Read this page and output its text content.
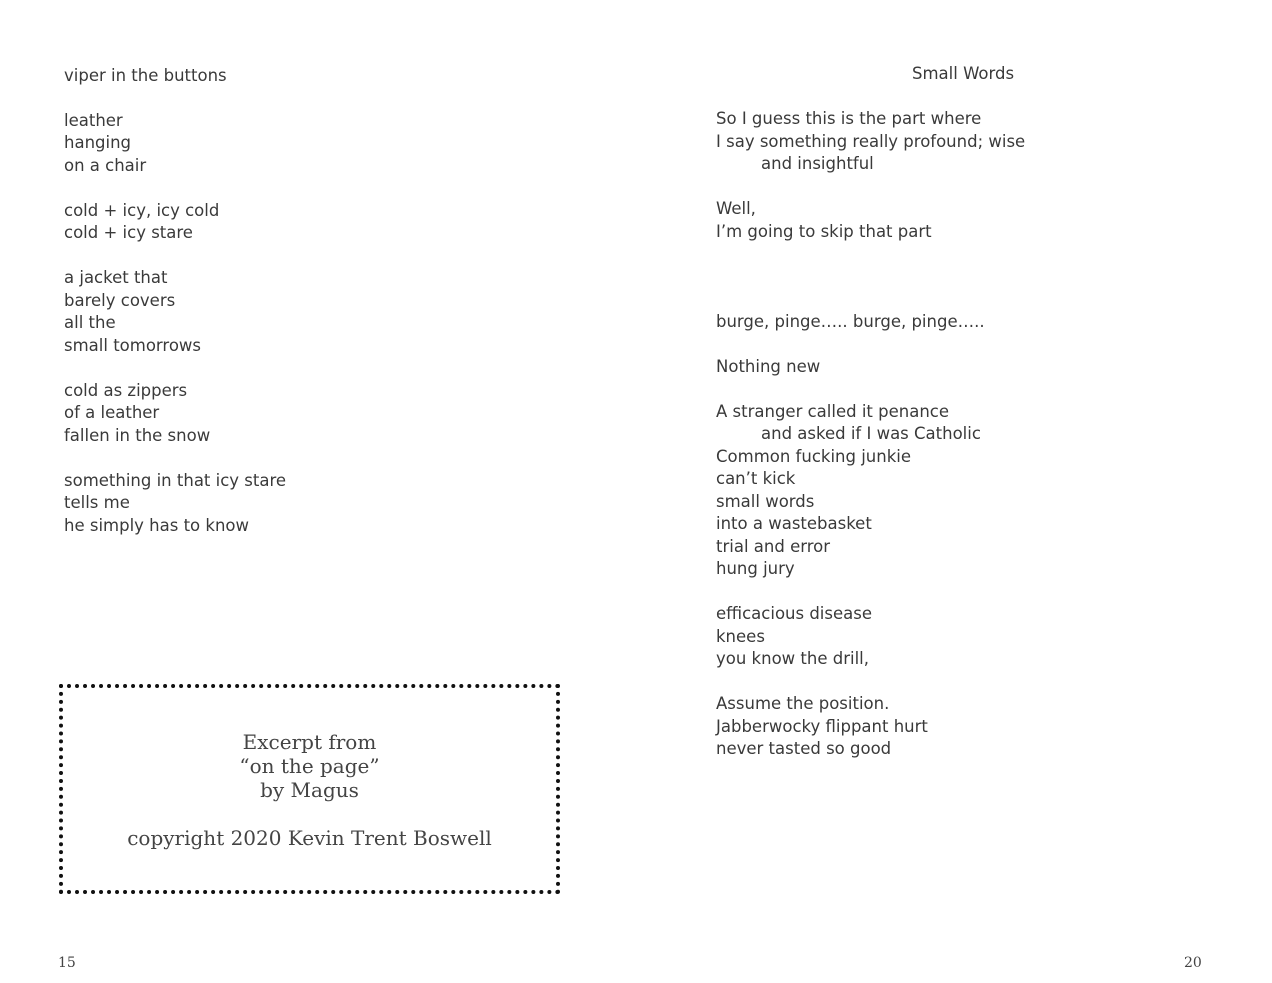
viper in the buttons
leather
hanging
on a chair
cold + icy, icy cold
cold + icy stare
a jacket that
barely covers
all the
small tomorrows
cold as zippers
of a leather
fallen in the snow
something in that icy stare
tells me
he simply has to know
Excerpt from
“on the page”
by Magus
copyright 2020 Kevin Trent Boswell
15
Small Words
So I guess this is the part where
I say something really profound; wise
and insightful
Well,
I’m going to skip that part
burge, pinge….. burge, pinge…..
Nothing new
A stranger called it penance
and asked if I was Catholic
Common fucking junkie
can’t kick
small words
into a wastebasket
trial and error
hung jury
efficacious disease
knees
you know the drill,
Assume the position.
Jabberwocky flippant hurt
never tasted so good
20
